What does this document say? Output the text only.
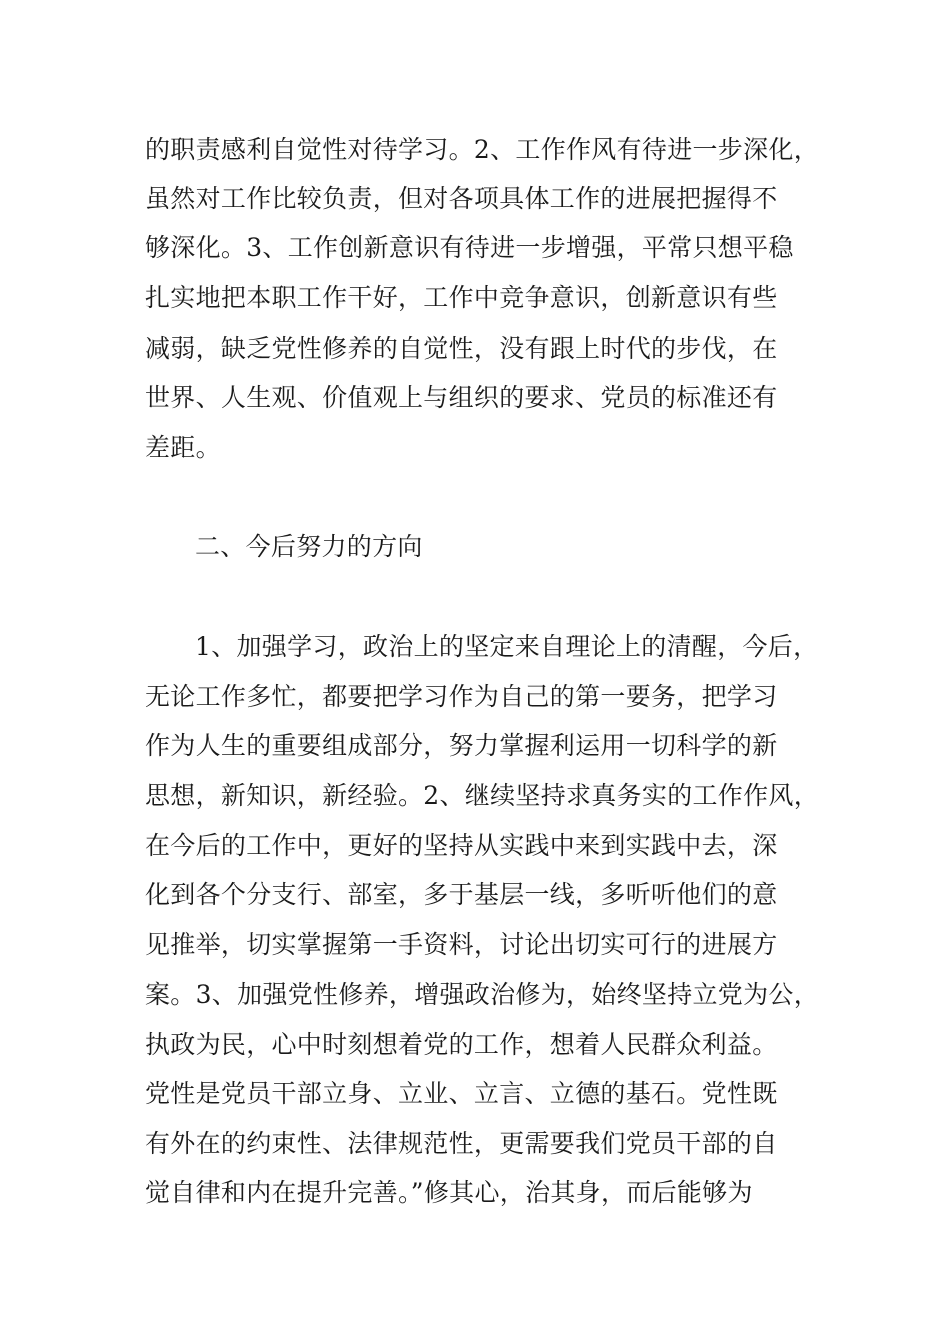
的职责感利自觉性对待学习。2、工作作风有待进一步深化，
虽然对工作比较负责，但对各项具体工作的进展把握得不
够深化。3、工作创新意识有待进一步增强，平常只想平稳
扎实地把本职工作干好，工作中竞争意识，创新意识有些
减弱，缺乏党性修养的自觉性，没有跟上时代的步伐，在
世界、人生观、价值观上与组织的要求、党员的标准还有
差距。
二、今后努力的方向
1、加强学习，政治上的坚定来自理论上的清醒，今后，
无论工作多忙，都要把学习作为自己的第一要务，把学习
作为人生的重要组成部分，努力掌握利运用一切科学的新
思想，新知识，新经验。2、继续坚持求真务实的工作作风，
在今后的工作中，更好的坚持从实践中来到实践中去，深
化到各个分支行、部室，多于基层一线，多听听他们的意
见推举，切实掌握第一手资料，讨论出切实可行的进展方
案。3、加强党性修养，增强政治修为，始终坚持立党为公，
执政为民，心中时刻想着党的工作，想着人民群众利益。
党性是党员干部立身、立业、立言、立德的基石。党性既
有外在的约束性、法律规范性，更需要我们党员干部的自
觉自律和内在提升完善。”修其心，治其身，而后能够为
